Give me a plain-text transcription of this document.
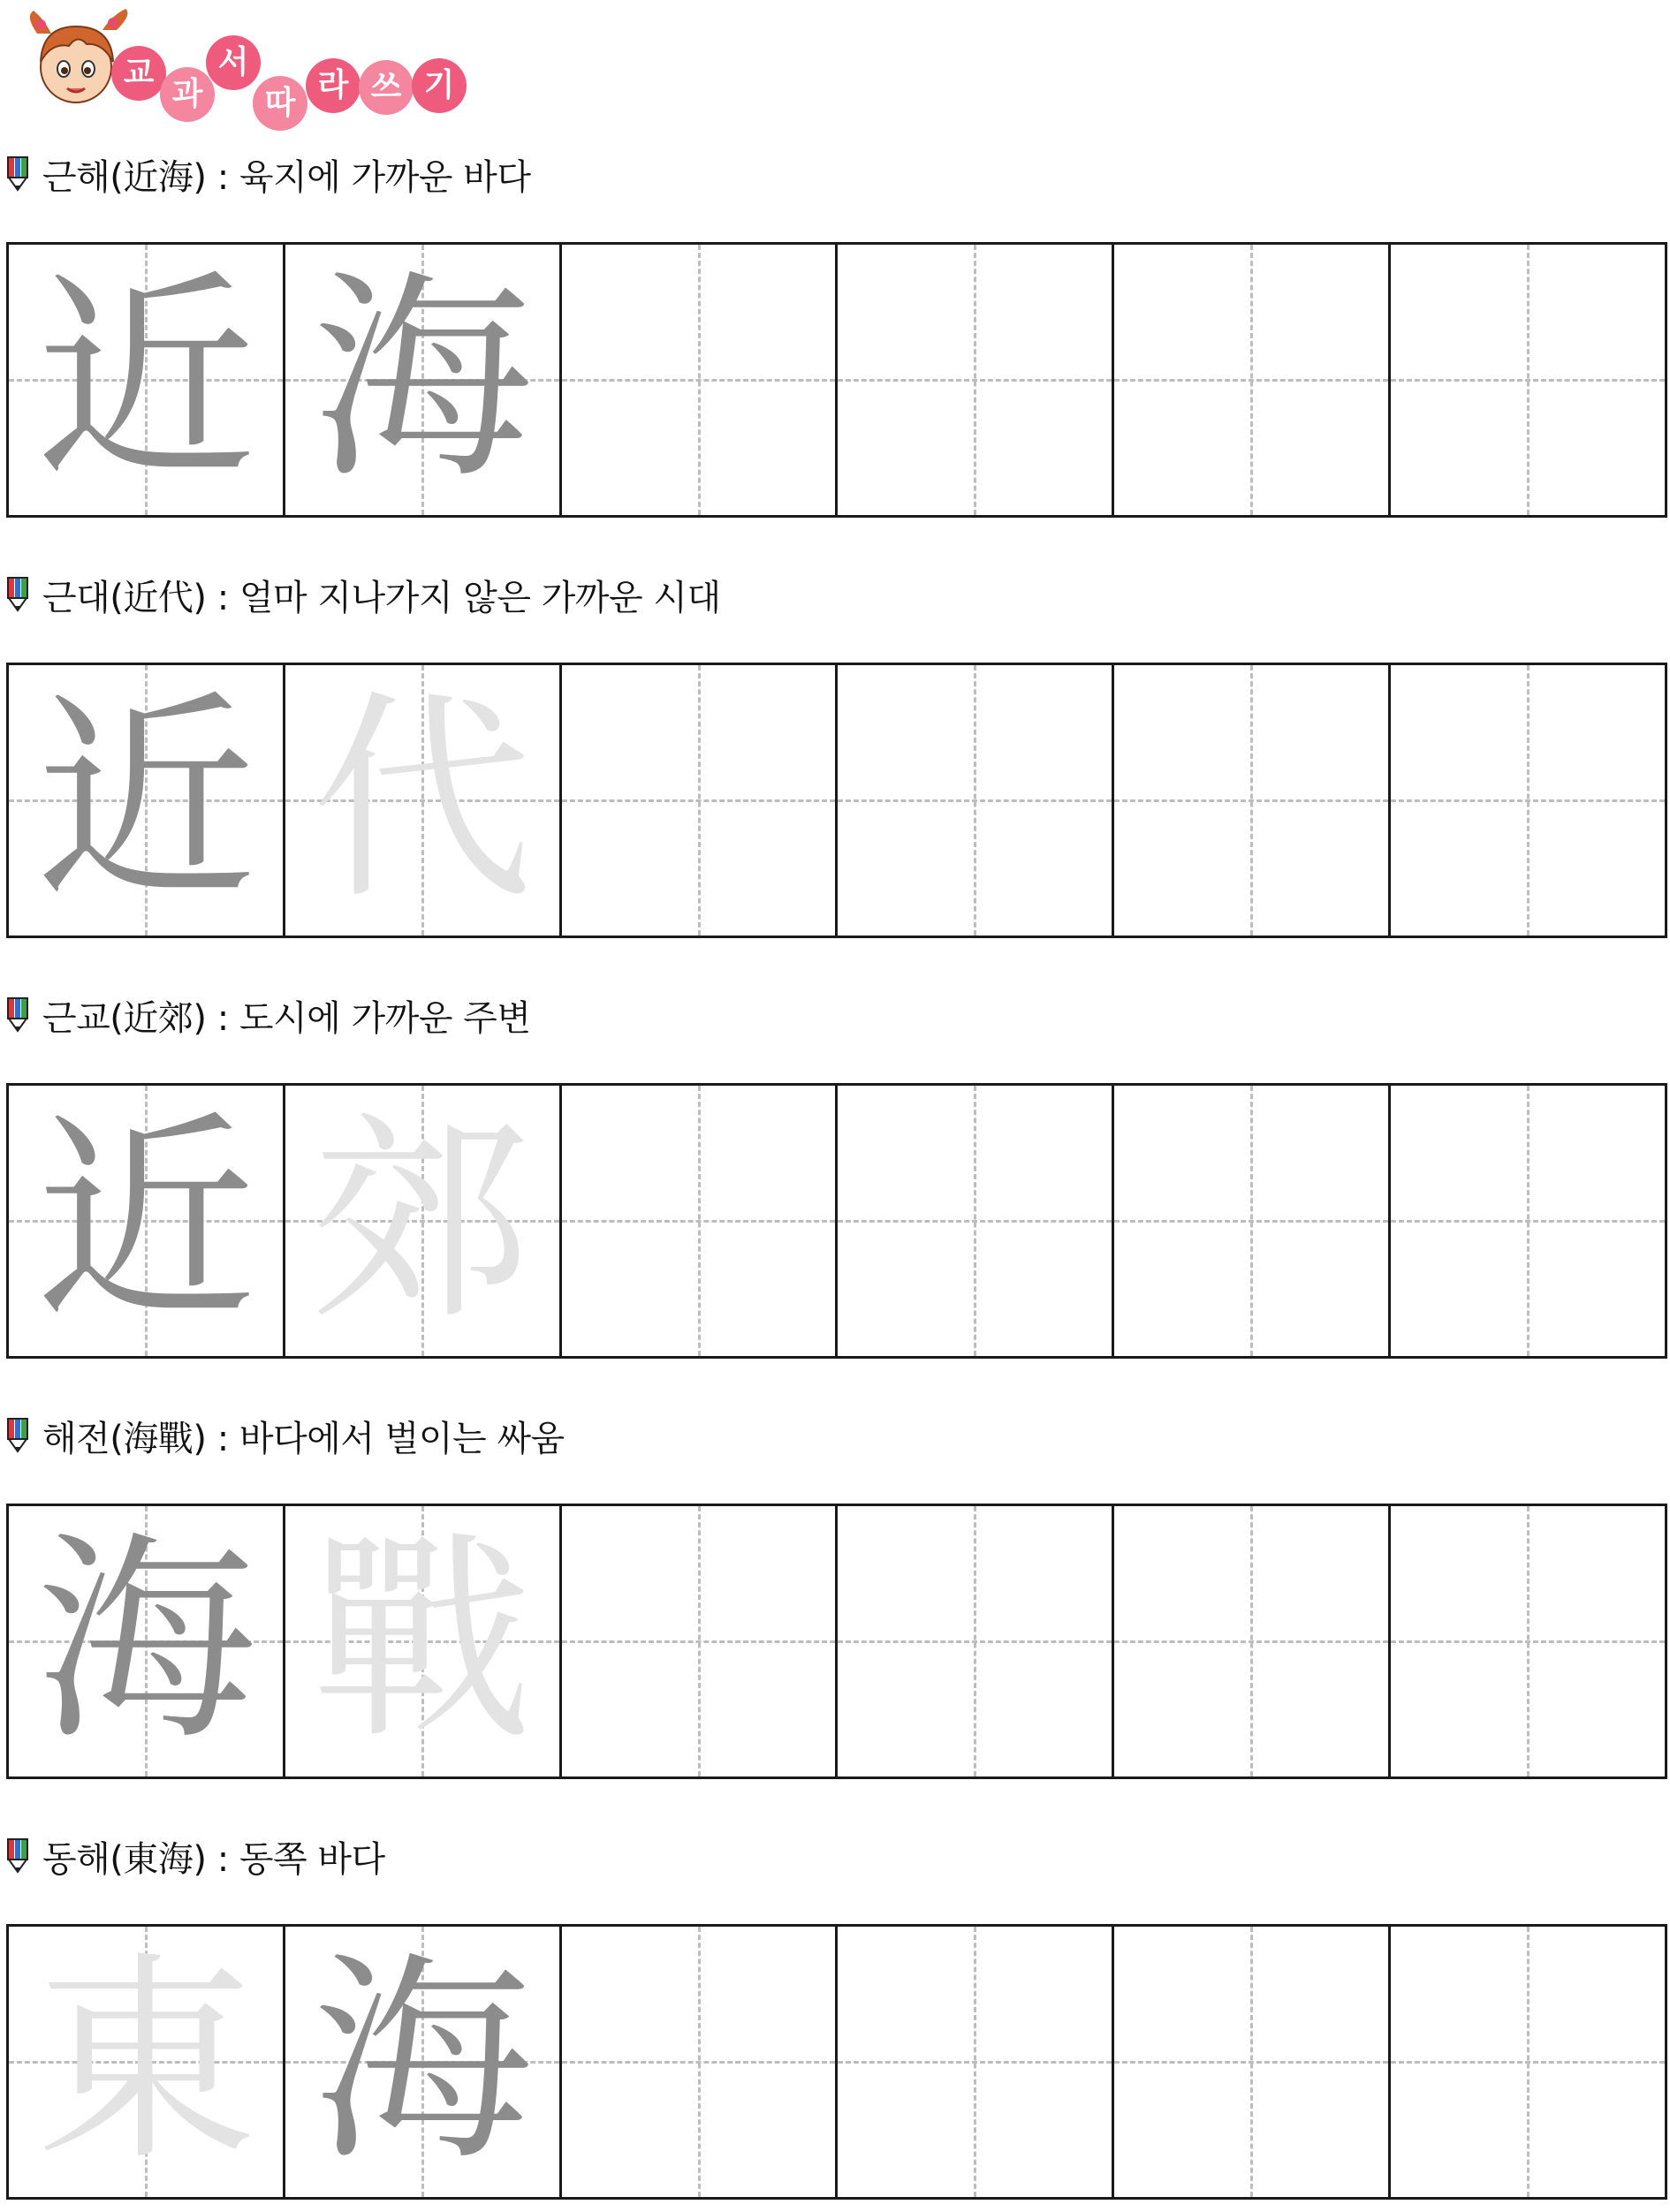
교
과
서
따 라 쓰 기
근해(近海) : 육지에 가까운 바다
近 海
근대(近代) : 얼마 지나가지 않은 가까운 시대
近 代
근교(近郊) : 도시에 가까운 주변
近 郊
해전(海戰) : 바다에서 벌이는 싸움
海 戰
동해(東海) : 동쪽 바다
東 海
